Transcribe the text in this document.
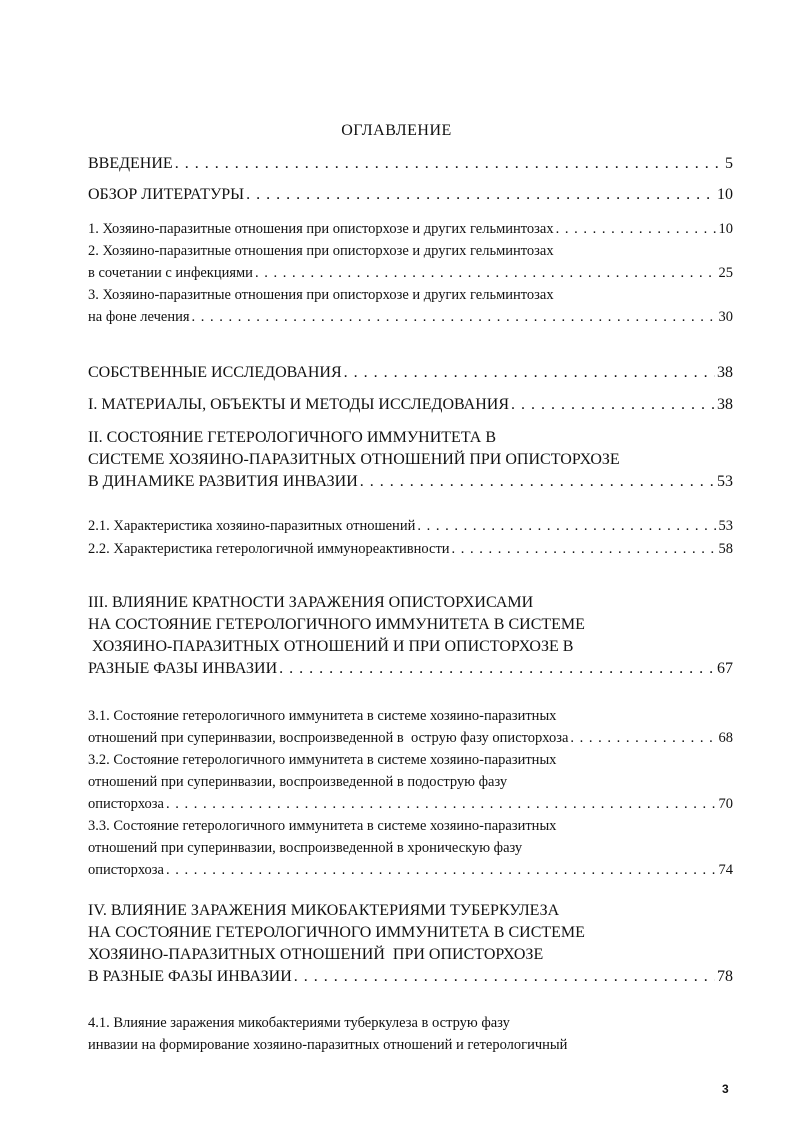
ОГЛАВЛЕНИЕ
ВВЕДЕНИЕ . . .	5
ОБЗОР ЛИТЕРАТУРЫ . . .	10
1. Хозяино-паразитные отношения при описторхозе и других гельминтозах . . .	10
2. Хозяино-паразитные отношения при описторхозе и других гельминтозах
в сочетании с инфекциями . . .	25
3. Хозяино-паразитные отношения при описторхозе и других гельминтозах
на фоне лечения . . .	30
СОБСТВЕННЫЕ ИССЛЕДОВАНИЯ . . .	38
I. МАТЕРИАЛЫ, ОБЪЕКТЫ И МЕТОДЫ ИССЛЕДОВАНИЯ . . .	38
II. СОСТОЯНИЕ ГЕТЕРОЛОГИЧНОГО ИММУНИТЕТА В
СИСТЕМЕ ХОЗЯИНО-ПАРАЗИТНЫХ ОТНОШЕНИЙ ПРИ ОПИСТОРХОЗЕ
В ДИНАМИКЕ РАЗВИТИЯ ИНВАЗИИ . . .	53
2.1. Характеристика хозяино-паразитных отношений . . .	53
2.2. Характеристика гетерологичной иммунореактивности . . .	58
III. ВЛИЯНИЕ КРАТНОСТИ ЗАРАЖЕНИЯ ОПИСТОРХИСАМИ
НА СОСТОЯНИЕ ГЕТЕРОЛОГИЧНОГО ИММУНИТЕТА В СИСТЕМЕ
ХОЗЯИНО-ПАРАЗИТНЫХ ОТНОШЕНИЙ И ПРИ ОПИСТОРХОЗЕ В
РАЗНЫЕ ФАЗЫ ИНВАЗИИ . . .	67
3.1. Состояние гетерологичного иммунитета в системе хозяино-паразитных
отношений при суперинвазии, воспроизведенной в  острую фазу описторхоза . . .	68
3.2. Состояние гетерологичного иммунитета в системе хозяино-паразитных
отношений при суперинвазии, воспроизведенной в подострую фазу
описторхоза . . .	70
3.3. Состояние гетерологичного иммунитета в системе хозяино-паразитных
отношений при суперинвазии, воспроизведенной в хроническую фазу
описторхоза . . .	74
IV. ВЛИЯНИЕ ЗАРАЖЕНИЯ МИКОБАКТЕРИЯМИ ТУБЕРКУЛЕЗА
НА СОСТОЯНИЕ ГЕТЕРОЛОГИЧНОГО ИММУНИТЕТА В СИСТЕМЕ
ХОЗЯИНО-ПАРАЗИТНЫХ ОТНОШЕНИЙ  ПРИ ОПИСТОРХОЗЕ
В РАЗНЫЕ ФАЗЫ ИНВАЗИИ . . .	78
4.1. Влияние заражения микобактериями туберкулеза в острую фазу
инвазии на формирование хозяино-паразитных отношений и гетерологичный
3
